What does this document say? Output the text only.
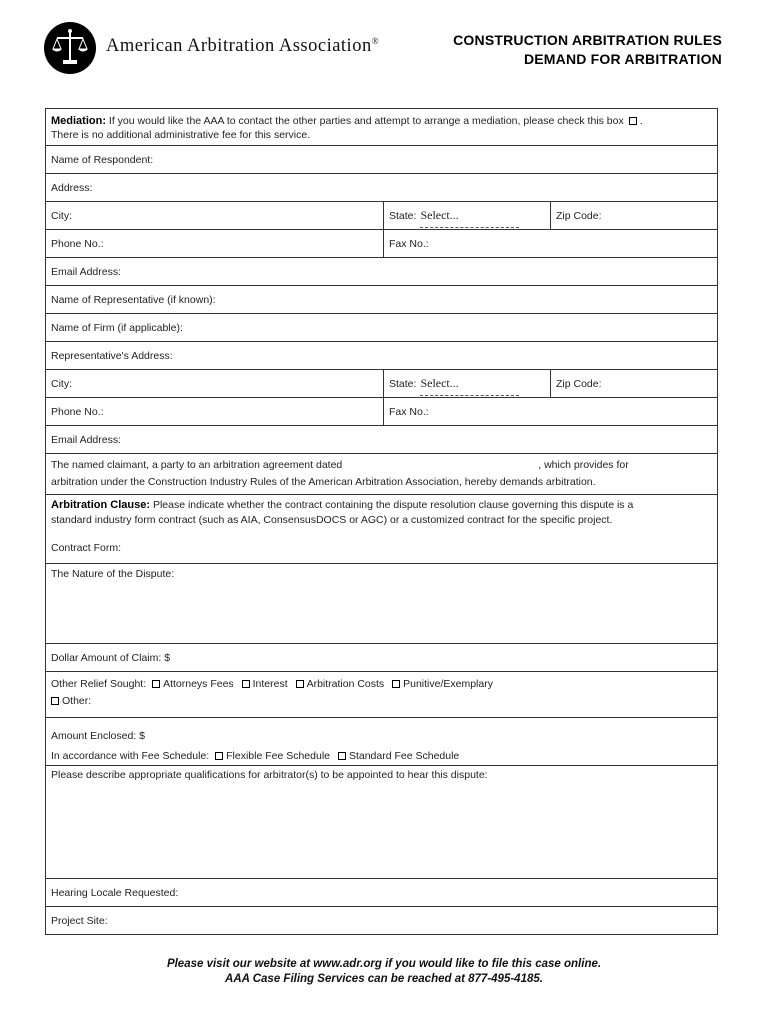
American Arbitration Association®	CONSTRUCTION ARBITRATION RULES
DEMAND FOR ARBITRATION
Mediation: If you would like the AAA to contact the other parties and attempt to arrange a mediation, please check this box .
There is no additional administrative fee for this service.
Name of Respondent:
Address:
City:	State: Select...	Zip Code:
Phone No.:	Fax No.:
Email Address:
Name of Representative (if known):
Name of Firm (if applicable):
Representative's Address:
City:	State: Select...	Zip Code:
Phone No.:	Fax No.:
Email Address:
The named claimant, a party to an arbitration agreement dated	, which provides for
arbitration under the Construction Industry Rules of the American Arbitration Association, hereby demands arbitration.
Arbitration Clause: Please indicate whether the contract containing the dispute resolution clause governing this dispute is a
standard industry form contract (such as AIA, ConsensusDOCS or AGC) or a customized contract for the specific project.
Contract Form:
The Nature of the Dispute:
Dollar Amount of Claim: $
Other Relief Sought: Attorneys Fees Interest Arbitration Costs Punitive/Exemplary
Other:
Amount Enclosed: $
In accordance with Fee Schedule: Flexible Fee Schedule Standard Fee Schedule
Please describe appropriate qualifications for arbitrator(s) to be appointed to hear this dispute:
Hearing Locale Requested:
Project Site:
Please visit our website at www.adr.org if you would like to file this case online.
AAA Case Filing Services can be reached at 877-495-4185.
